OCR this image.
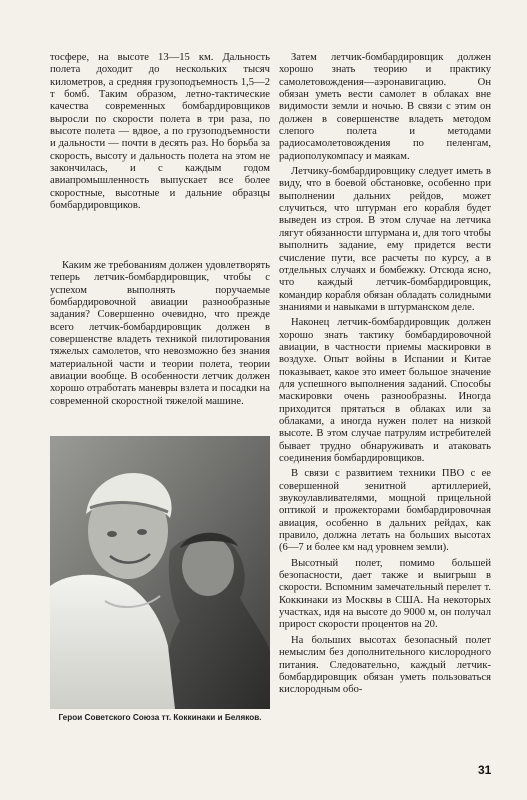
тосфере, на высоте 13—15 км. Дальность полета доходит до нескольких тысяч километров, а средняя грузоподъемность 1,5—2 т бомб. Таким образом, летно-тактические качества современных бомбардировщиков выросли по скорости полета в три раза, по высоте полета — вдвое, а по грузоподъемности и дальности — почти в десять раз. Но борьба за скорость, высоту и дальность полета на этом не закончилась, и с каждым годом авиапромышленность выпускает все более скоростные, высотные и дальние образцы бомбардировщиков.

Каким же требованиям должен удовлетворять теперь летчик-бомбардировщик, чтобы с успехом выполнять поручаемые бомбардировочной авиации разнообразные задания? Совершенно очевидно, что прежде всего летчик-бомбардировщик должен в совершенстве владеть техникой пилотирования тяжелых самолетов, что невозможно без знания материальной части и теории полета, теории авиации вообще. В особенности летчик должен хорошо отработать маневры взлета и посадки на современной скоростной тяжелой машине.

Герои Советского Союза тт. Коккинаки и Беляков.

Затем летчик-бомбардировщик должен хорошо знать теорию и практику самолетовождения—аэронавигацию. Он обязан уметь вести самолет в облаках вне видимости земли и ночью. В связи с этим он должен в совершенстве владеть методом слепого полета и методами радиосамолетовождения по пеленгам, радиополукомпасу и маякам.

Летчику-бомбардировщику следует иметь в виду, что в боевой обстановке, особенно при выполнении дальних рейдов, может случиться, что штурман его корабля будет выведен из строя. В этом случае на летчика лягут обязанности штурмана и, для того чтобы выполнить задание, ему придется вести счисление пути, все расчеты по курсу, а в отдельных случаях и бомбежку. Отсюда ясно, что каждый летчик-бомбардировщик, командир корабля обязан обладать солидными знаниями и навыками в штурманском деле.

Наконец летчик-бомбардировщик должен хорошо знать тактику бомбардировочной авиации, в частности приемы маскировки в воздухе. Опыт войны в Испании и Китае показывает, какое это имеет большое значение для успешного выполнения заданий. Способы маскировки очень разнообразны. Иногда приходится прятаться в облаках или за облаками, а иногда нужен полет на низкой высоте. В этом случае патрулям истребителей бывает трудно обнаруживать и атаковать соединения бомбардировщиков.

В связи с развитием техники ПВО с ее совершенной зенитной артиллерией, звукоулавливателями, мощной прицельной оптикой и прожекторами бомбардировочная авиация, особенно в дальних рейдах, как правило, должна летать на больших высотах (6—7 и более км над уровнем земли).

Высотный полет, помимо большей безопасности, дает также и выигрыш в скорости. Вспомним замечательный перелет т. Коккинаки из Москвы в США. На некоторых участках, идя на высоте до 9000 м, он получал прирост скорости процентов на 20.

На больших высотах безопасный полет немыслим без дополнительного кислородного питания. Следовательно, каждый летчик-бомбардировщик обязан уметь пользоваться кислородным обо-

31
